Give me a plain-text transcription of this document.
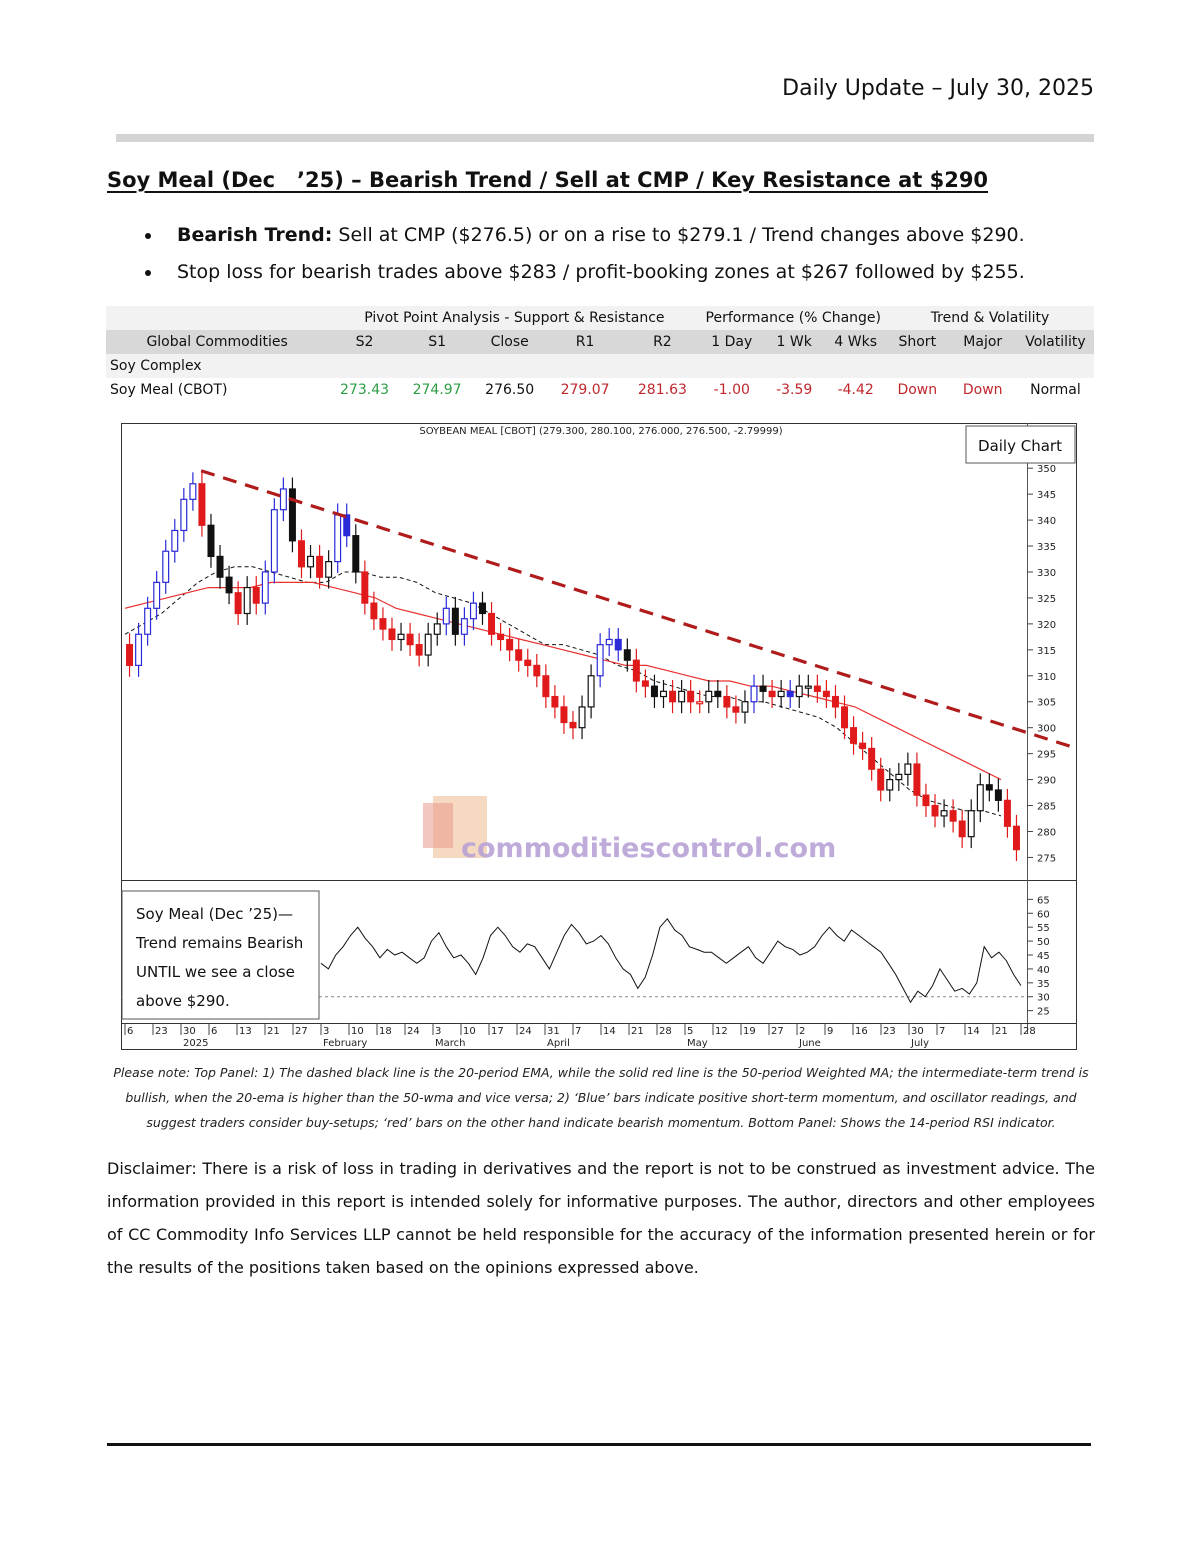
Daily Update – July 30, 2025
Soy Meal (Dec   ’25) – Bearish Trend / Sell at CMP / Key Resistance at $290
Bearish Trend: Sell at CMP ($276.5) or on a rise to $279.1 / Trend changes above $290.
Stop loss for bearish trades above $283 / profit-booking zones at $267 followed by $255.
	Pivot Point Analysis - Support & Resistance					Performance (% Change)			Trend & Volatility		
Global Commodities	S2	S1	Close	R1	R2	1 Day	1 Wk	4 Wks	Short	Major	Volatility
Soy Complex											
Soy Meal (CBOT)	273.43	274.97	276.50	279.07	281.63	-1.00	-3.59	-4.42	Down	Down	Normal
commoditiescontrol.com
SOYBEAN MEAL [CBOT] (279.300, 280.100, 276.000, 276.500, -2.79999)
350
345
340
335
330
325
320
315
310
305
300
295
290
285
280
275
65
60
55
50
45
40
35
30
25
6 23 30 6 13 21 27 3 10 18 24 3 10 17 24 31 7 14 21 28 5 12 19 27 2 9 16 23 30 7 14 21 28
2025	February	March	April	May	June	July
Daily Chart
Soy Meal (Dec ’25)—
Trend remains Bearish
UNTIL we see a close
above $290.
Please note: Top Panel: 1) The dashed black line is the 20-period EMA, while the solid red line is the 50-period Weighted MA; the intermediate-term trend is bullish, when the 20-ema is higher than the 50-wma and vice versa; 2) ‘Blue’ bars indicate positive short-term momentum, and oscillator readings, and suggest traders consider buy-setups; ‘red’ bars on the other hand indicate bearish momentum. Bottom Panel: Shows the 14-period RSI indicator.
Disclaimer: There is a risk of loss in trading in derivatives and the report is not to be construed as investment advice. The information provided in this report is intended solely for informative purposes. The author, directors and other employees of CC Commodity Info Services LLP cannot be held responsible for the accuracy of the information presented herein or for the results of the positions taken based on the opinions expressed above.
